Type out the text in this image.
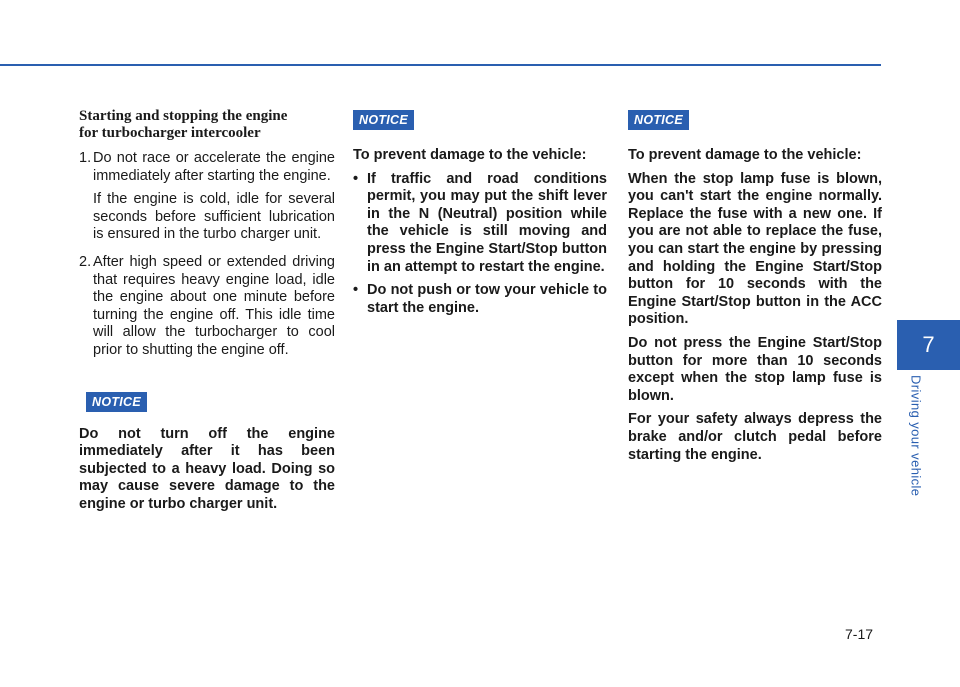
Starting and stopping the engine
for turbocharger intercooler
1. Do not race or accelerate the engine immediately after starting the engine.

If the engine is cold, idle for several seconds before sufficient lubrication is ensured in the turbo charger unit.

2. After high speed or extended driving that requires heavy engine load, idle the engine about one minute before turning the engine off. This idle time will allow the turbocharger to cool prior to shutting the engine off.

NOTICE

Do not turn off the engine immediately after it has been subjected to a heavy load. Doing so may cause severe damage to the engine or turbo charger unit.

NOTICE

To prevent damage to the vehicle:

• If traffic and road conditions permit, you may put the shift lever in the N (Neutral) position while the vehicle is still moving and press the Engine Start/Stop button in an attempt to restart the engine.
• Do not push or tow your vehicle to start the engine.
NOTICE

To prevent damage to the vehicle:

When the stop lamp fuse is blown, you can't start the engine normally. Replace the fuse with a new one. If you are not able to replace the fuse, you can start the engine by pressing and holding the Engine Start/Stop button for 10 seconds with the Engine Start/Stop button in the ACC position.

Do not press the Engine Start/Stop button for more than 10 seconds except when the stop lamp fuse is blown.

For your safety always depress the brake and/or clutch pedal before starting the engine.

7
Driving your vehicle
7-17
